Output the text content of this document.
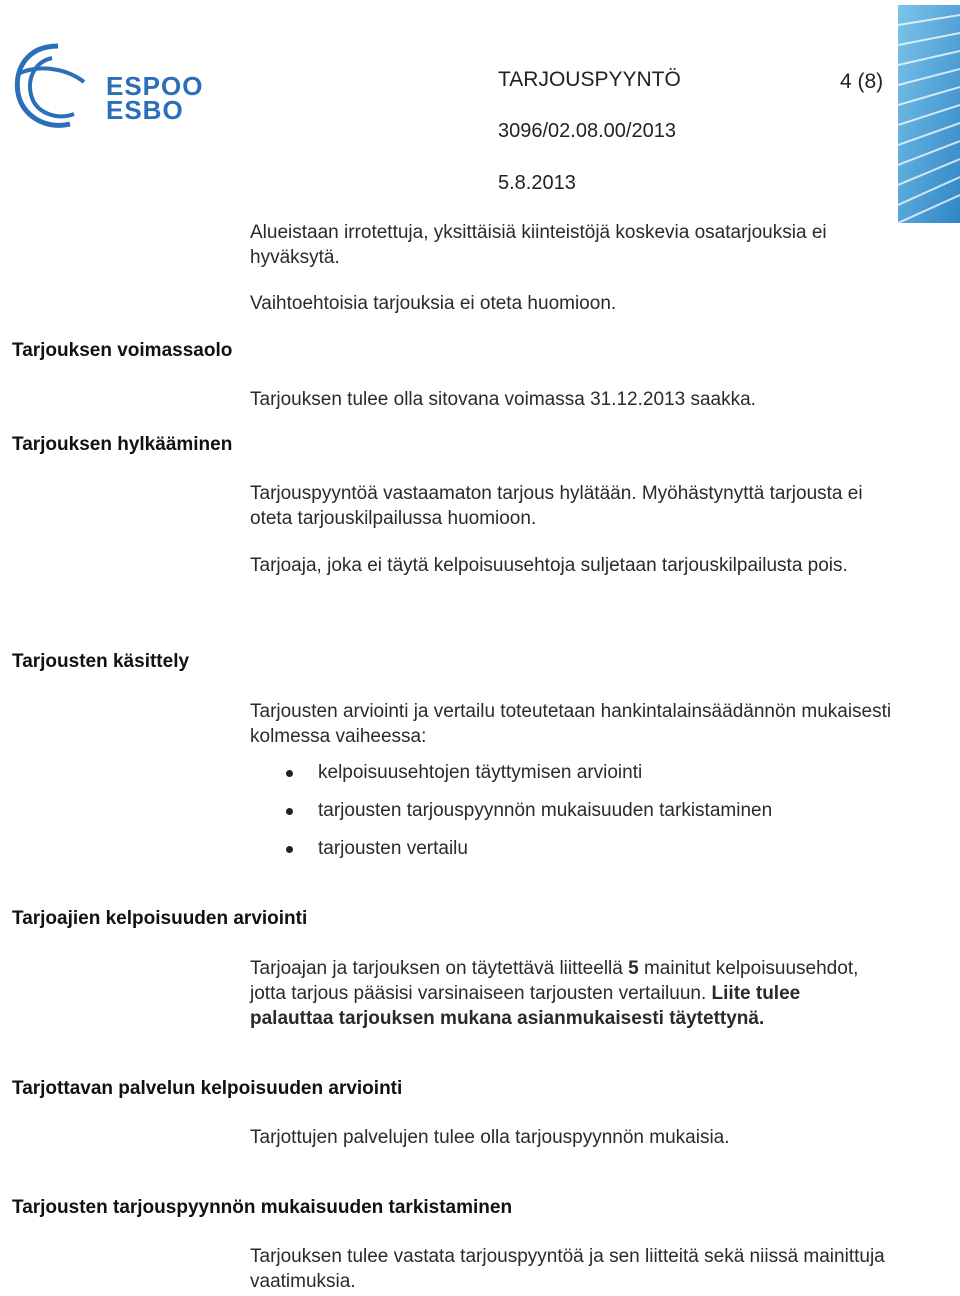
ESPOO
ESBO
TARJOUSPYYNTÖ	4 (8)
3096/02.08.00/2013
5.8.2013
Alueistaan irrotettuja, yksittäisiä kiinteistöjä koskevia osatarjouksia ei hyväksytä.
Vaihtoehtoisia tarjouksia ei oteta huomioon.
Tarjouksen voimassaolo
Tarjouksen tulee olla sitovana voimassa 31.12.2013 saakka.
Tarjouksen hylkääminen
Tarjouspyyntöä vastaamaton tarjous hylätään. Myöhästynyttä tarjousta ei oteta tarjouskilpailussa huomioon.
Tarjoaja, joka ei täytä kelpoisuusehtoja suljetaan tarjouskilpailusta pois.
Tarjousten käsittely
Tarjousten arviointi ja vertailu toteutetaan hankintalainsäädännön mukaisesti kolmessa vaiheessa:
kelpoisuusehtojen täyttymisen arviointi
tarjousten tarjouspyynnön mukaisuuden tarkistaminen
tarjousten vertailu
Tarjoajien kelpoisuuden arviointi
Tarjoajan ja tarjouksen on täytettävä liitteellä 5 mainitut kelpoisuusehdot, jotta tarjous pääsisi varsinaiseen tarjousten vertailuun. Liite tulee palauttaa tarjouksen mukana asianmukaisesti täytettynä.
Tarjottavan palvelun kelpoisuuden arviointi
Tarjottujen palvelujen tulee olla tarjouspyynnön mukaisia.
Tarjousten tarjouspyynnön mukaisuuden tarkistaminen
Tarjouksen tulee vastata tarjouspyyntöä ja sen liitteitä sekä niissä mainittuja vaatimuksia.
